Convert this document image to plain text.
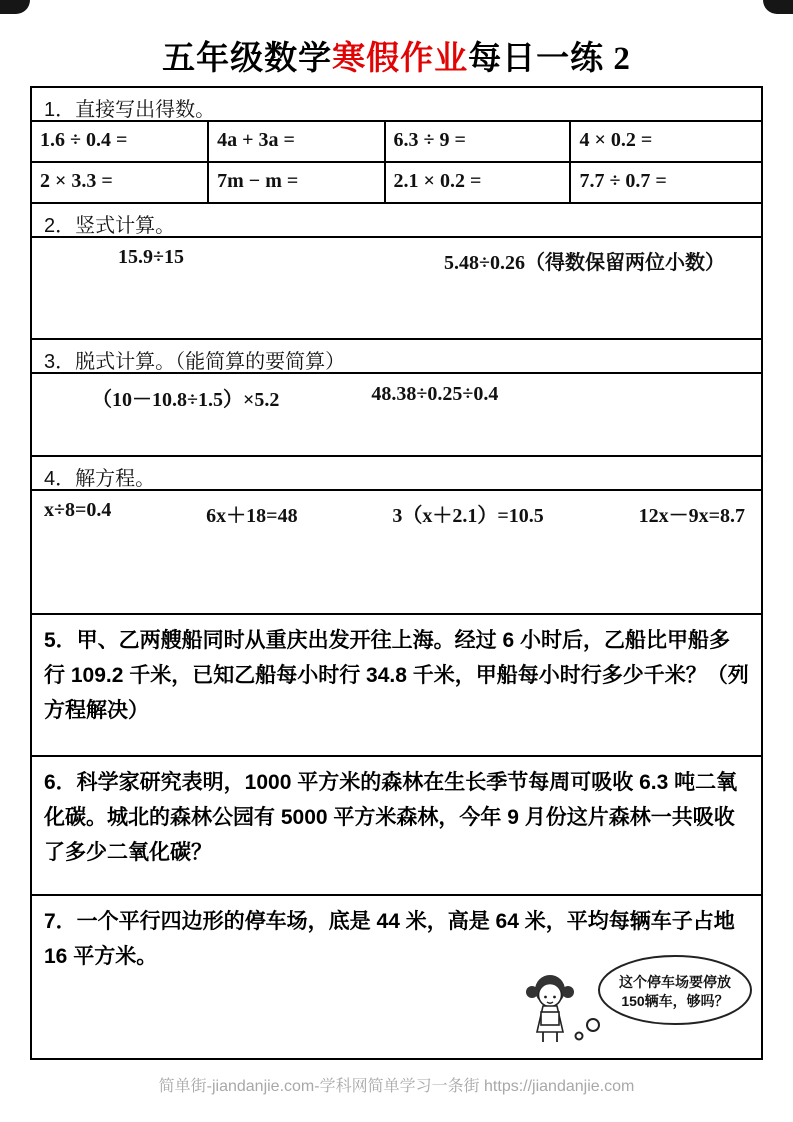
五年级数学寒假作业每日一练 2
1．直接写出得数。
1.6 ÷ 0.4 =	4a + 3a =	6.3 ÷ 9 =	4 × 0.2 =
2 × 3.3 =	7m − m =	2.1 × 0.2 =	7.7 ÷ 0.7 =
2．竖式计算。
15.9÷15	5.48÷0.26（得数保留两位小数）
3．脱式计算。（能简算的要简算）
（10－10.8÷1.5）×5.2	48.38÷0.25÷0.4
4．解方程。
x÷8=0.4	6x＋18=48	3（x＋2.1）=10.5	12x－9x=8.7
5．甲、乙两艘船同时从重庆出发开往上海。经过 6 小时后，乙船比甲船多行 109.2 千米，已知乙船每小时行 34.8 千米，甲船每小时行多少千米？（列方程解决）
6．科学家研究表明，1000 平方米的森林在生长季节每周可吸收 6.3 吨二氧化碳。城北的森林公园有 5000 平方米森林，今年 9 月份这片森林一共吸收了多少二氧化碳？
7．一个平行四边形的停车场，底是 44 米，高是 64 米，平均每辆车子占地 16 平方米。
这个停车场要停放
150辆车，够吗？
简单街-jiandanjie.com-学科网简单学习一条街 https://jiandanjie.com
